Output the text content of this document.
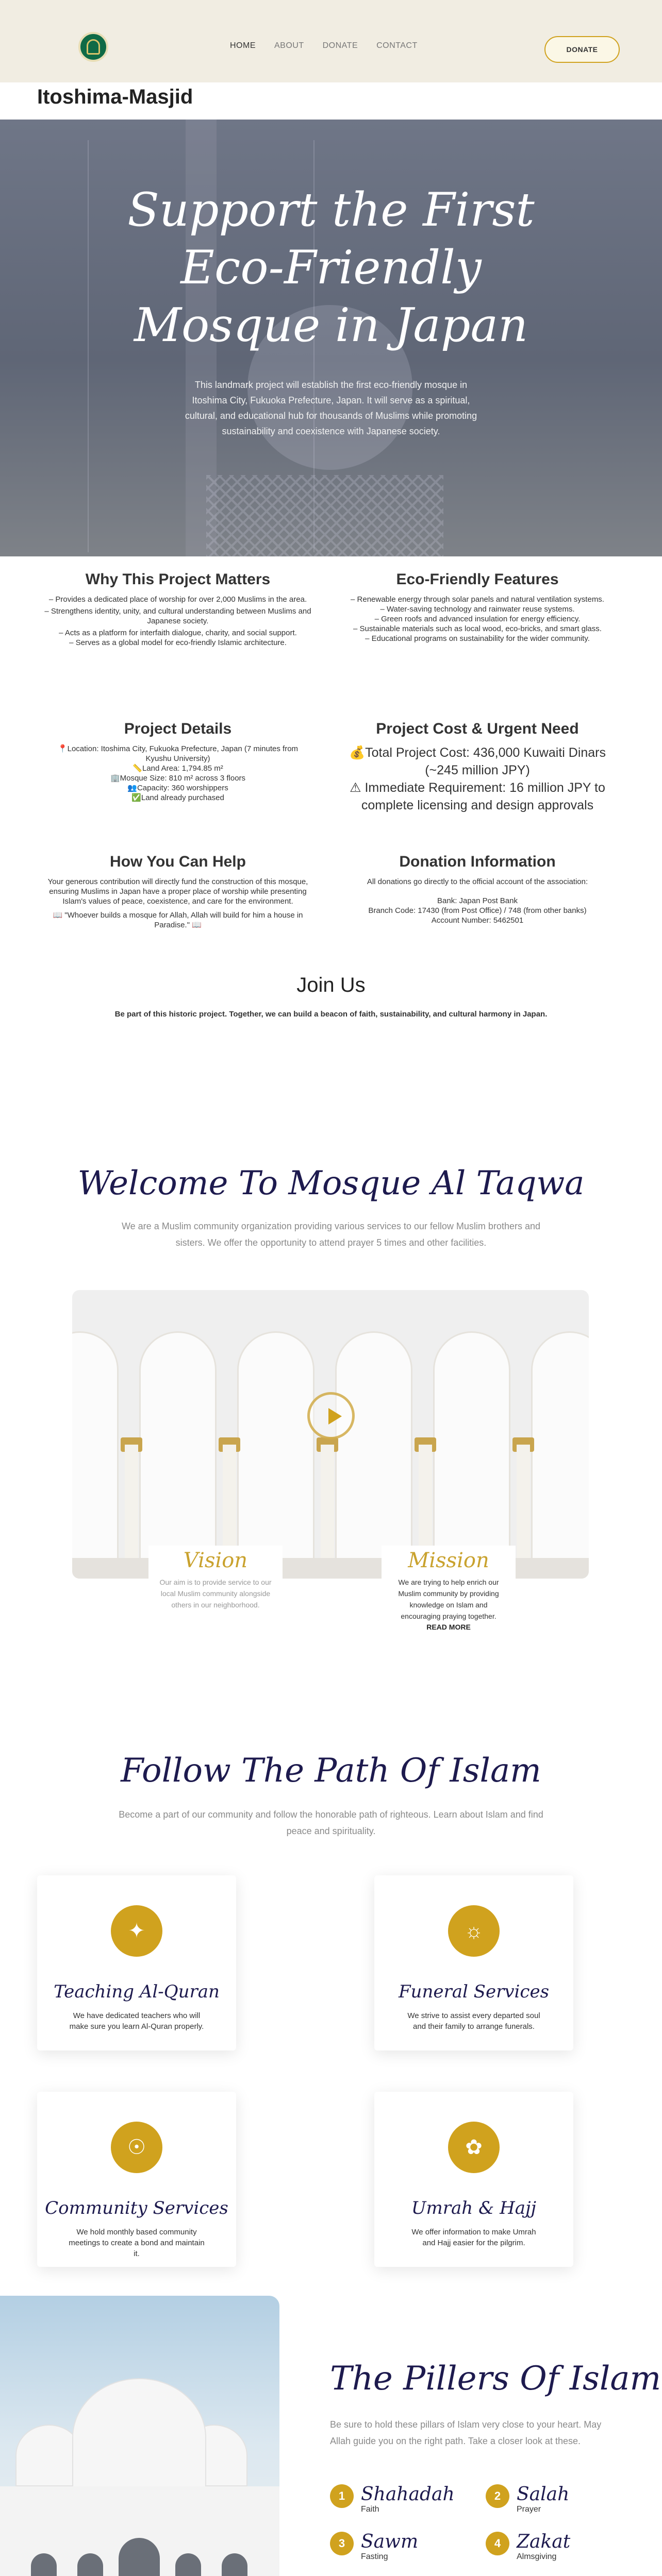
HOME ABOUT DONATE CONTACT	DONATE
Itoshima-Masjid
Support the First
Eco-Friendly
Mosque in Japan
This landmark project will establish the first eco-friendly mosque in Itoshima City, Fukuoka Prefecture, Japan. It will serve as a spiritual, cultural, and educational hub for thousands of Muslims while promoting sustainability and coexistence with Japanese society.
Why This Project Matters

– Provides a dedicated place of worship for over 2,000 Muslims in the area.

– Strengthens identity, unity, and cultural understanding between Muslims and Japanese society.

– Acts as a platform for interfaith dialogue, charity, and social support.

– Serves as a global model for eco-friendly Islamic architecture.

Eco-Friendly Features

– Renewable energy through solar panels and natural ventilation systems.

– Water-saving technology and rainwater reuse systems.

– Green roofs and advanced insulation for energy efficiency.

– Sustainable materials such as local wood, eco-bricks, and smart glass.

– Educational programs on sustainability for the wider community.

Project Details

📍Location: Itoshima City, Fukuoka Prefecture, Japan (7 minutes from Kyushu University)

📏Land Area: 1,794.85 m²

🏢Mosque Size: 810 m² across 3 floors

👥Capacity: 360 worshippers

✅Land already purchased

Project Cost & Urgent Need

💰Total Project Cost: 436,000 Kuwaiti Dinars (~245 million JPY)

⚠ Immediate Requirement: 16 million JPY to complete licensing and design approvals

How You Can Help

Your generous contribution will directly fund the construction of this mosque, ensuring Muslims in Japan have a proper place of worship while presenting Islam's values of peace, coexistence, and care for the environment.

📖 "Whoever builds a mosque for Allah, Allah will build for him a house in Paradise." 📖

Donation Information

All donations go directly to the official account of the association:

Bank: Japan Post Bank

Branch Code: 17430 (from Post Office) / 748 (from other banks)

Account Number: 5462501

Join Us
Be part of this historic project. Together, we can build a beacon of faith, sustainability, and cultural harmony in Japan.
Welcome To Mosque Al Taqwa
We are a Muslim community organization providing various services to our fellow Muslim brothers and sisters. We offer the opportunity to attend prayer 5 times and other facilities.
Vision

Our aim is to provide service to our local Muslim community alongside others in our neighborhood.

Mission

We are trying to help enrich our Muslim community by providing knowledge on Islam and encouraging praying together.

READ MORE
Follow The Path Of Islam
Become a part of our community and follow the honorable path of righteous. Learn about Islam and find peace and spirituality.
✦
Teaching Al-Quran

We have dedicated teachers who will make sure you learn Al-Quran properly.

☼
Funeral Services

We strive to assist every departed soul and their family to arrange funerals.

☉
Community Services

We hold monthly based community meetings to create a bond and maintain it.

✿
Umrah & Hajj

We offer information to make Umrah and Hajj easier for the pilgrim.

The Pillers Of Islam
Be sure to hold these pillars of Islam very close to your heart. May Allah guide you on the right path. Take a closer look at these.
1 Shahadah
Faith
2 Salah
Prayer
3 Sawm
Fasting
4 Zakat
Almsgiving
